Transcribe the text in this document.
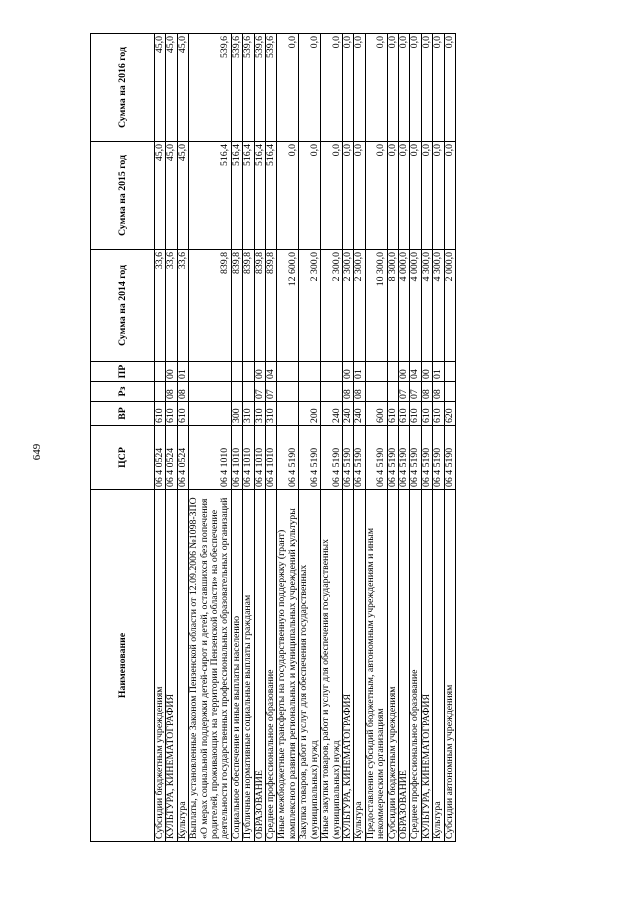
649
Наименование	ЦСР	ВР	Рз	ПР	Сумма на 2014 год	Сумма на 2015 год	Сумма на 2016 год
Субсидии бюджетным учреждениям	06 4 0524	610			33,6	45,0	45,0
КУЛЬТУРА, КИНЕМАТОГРАФИЯ	06 4 0524	610	08	00	33,6	45,0	45,0
Культура	06 4 0524	610	08	01	33,6	45,0	45,0
Выплаты, установленные Законом Пензенской области от 12.09.2006 №1098-ЗПО «О мерах социальной поддержки детей-сирот и детей, оставшихся без попечения родителей, проживающих на территории Пензенской области» на обеспечение деятельности государственных профессиональных образовательных организаций	06 4 1010				839,8	516,4	539,6
Социальное обеспечение и иные выплаты населению	06 4 1010	300			839,8	516,4	539,6
Публичные нормативные социальные выплаты гражданам	06 4 1010	310			839,8	516,4	539,6
ОБРАЗОВАНИЕ	06 4 1010	310	07	00	839,8	516,4	539,6
Среднее профессиональное образование	06 4 1010	310	07	04	839,8	516,4	539,6
Иные межбюджетные трансферты на государственную поддержку (грант) комплексного развития региональных и муниципальных учреждений культуры	06 4 5190				12 600,0	0,0	0,0
Закупка товаров, работ и услуг для обеспечения государственных (муниципальных) нужд	06 4 5190	200			2 300,0	0,0	0,0
Иные закупки товаров, работ и услуг для обеспечения государственных (муниципальных) нужд	06 4 5190	240			2 300,0	0,0	0,0
КУЛЬТУРА, КИНЕМАТОГРАФИЯ	06 4 5190	240	08	00	2 300,0	0,0	0,0
Культура	06 4 5190	240	08	01	2 300,0	0,0	0,0
Предоставление субсидий бюджетным, автономным учреждениям и иным некоммерческим организациям	06 4 5190	600			10 300,0	0,0	0,0
Субсидии бюджетным учреждениям	06 4 5190	610			8 300,0	0,0	0,0
ОБРАЗОВАНИЕ	06 4 5190	610	07	00	4 000,0	0,0	0,0
Среднее профессиональное образование	06 4 5190	610	07	04	4 000,0	0,0	0,0
КУЛЬТУРА, КИНЕМАТОГРАФИЯ	06 4 5190	610	08	00	4 300,0	0,0	0,0
Культура	06 4 5190	610	08	01	4 300,0	0,0	0,0
Субсидии автономным учреждениям	06 4 5190	620			2 000,0	0,0	0,0
